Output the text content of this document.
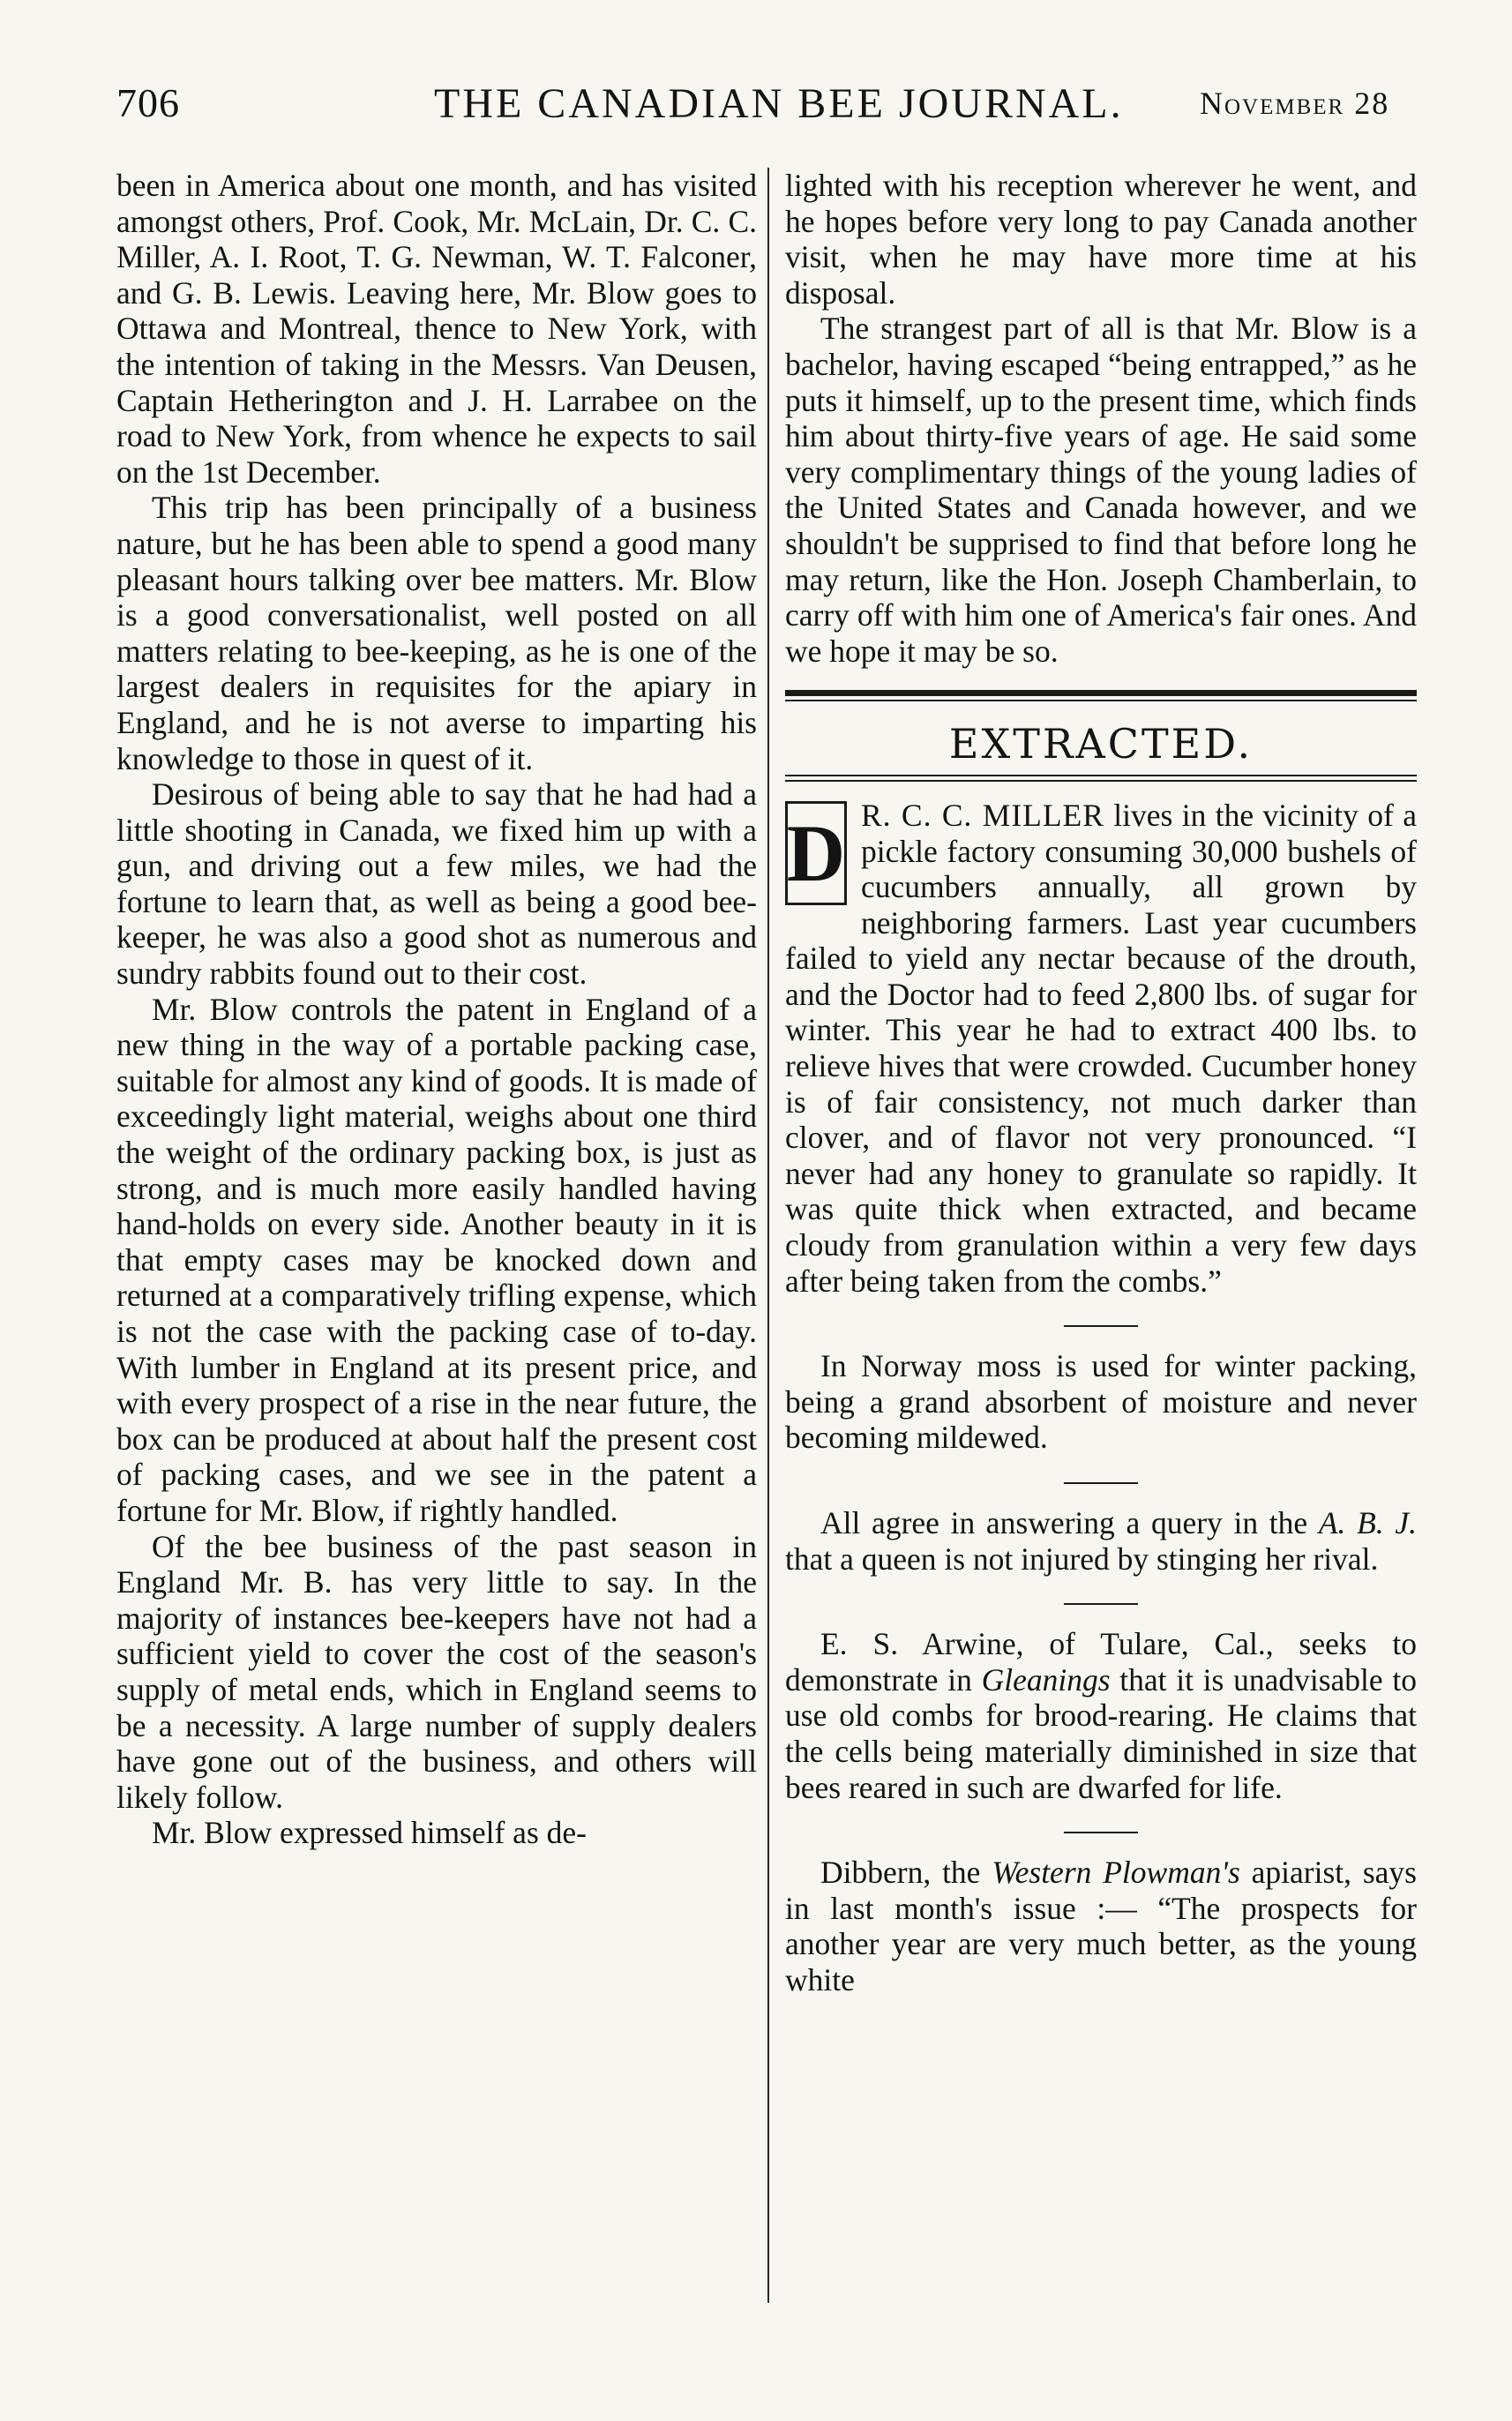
706	THE CANADIAN BEE JOURNAL. November 28

been in America about one month, and has visited amongst others, Prof. Cook, Mr. McLain, Dr. C. C. Miller, A. I. Root, T. G. Newman, W. T. Falconer, and G. B. Lewis. Leaving here, Mr. Blow goes to Ottawa and Montreal, thence to New York, with the intention of taking in the Messrs. Van Deusen, Captain Hetherington and J. H. Larrabee on the road to New York, from whence he expects to sail on the 1st December.

This trip has been principally of a business nature, but he has been able to spend a good many pleasant hours talking over bee matters. Mr. Blow is a good conversationalist, well posted on all matters relating to bee-keeping, as he is one of the largest dealers in requisites for the apiary in England, and he is not averse to imparting his knowledge to those in quest of it.

Desirous of being able to say that he had had a little shooting in Canada, we fixed him up with a gun, and driving out a few miles, we had the fortune to learn that, as well as being a good bee-keeper, he was also a good shot as numerous and sundry rabbits found out to their cost.

Mr. Blow controls the patent in England of a new thing in the way of a portable packing case, suitable for almost any kind of goods. It is made of exceedingly light material, weighs about one third the weight of the ordinary packing box, is just as strong, and is much more easily handled having hand-holds on every side. Another beauty in it is that empty cases may be knocked down and returned at a comparatively trifling expense, which is not the case with the packing case of to-day. With lumber in England at its present price, and with every prospect of a rise in the near future, the box can be produced at about half the present cost of packing cases, and we see in the patent a fortune for Mr. Blow, if rightly handled.

Of the bee business of the past season in England Mr. B. has very little to say. In the majority of instances bee-keepers have not had a sufficient yield to cover the cost of the season's supply of metal ends, which in England seems to be a necessity. A large number of supply dealers have gone out of the business, and others will likely follow.

Mr. Blow expressed himself as de-

lighted with his reception wherever he went, and he hopes before very long to pay Canada another visit, when he may have more time at his disposal.

The strangest part of all is that Mr. Blow is a bachelor, having escaped “being entrapped,” as he puts it himself, up to the present time, which finds him about thirty-five years of age. He said some very complimentary things of the young ladies of the United States and Canada however, and we shouldn't be supprised to find that before long he may return, like the Hon. Joseph Chamberlain, to carry off with him one of America's fair ones. And we hope it may be so.

EXTRACTED.

D R. C. C. MILLER lives in the vicinity of a pickle factory consuming 30,000 bushels of cucumbers annually, all grown by neighboring farmers. Last year cucumbers failed to yield any nectar because of the drouth, and the Doctor had to feed 2,800 lbs. of sugar for winter. This year he had to extract 400 lbs. to relieve hives that were crowded. Cucumber honey is of fair consistency, not much darker than clover, and of flavor not very pronounced. “I never had any honey to granulate so rapidly. It was quite thick when extracted, and became cloudy from granulation within a very few days after being taken from the combs.”

In Norway moss is used for winter packing, being a grand absorbent of moisture and never becoming mildewed.

All agree in answering a query in the A. B. J. that a queen is not injured by stinging her rival.

E. S. Arwine, of Tulare, Cal., seeks to demonstrate in Gleanings that it is unadvisable to use old combs for brood-rearing. He claims that the cells being materially diminished in size that bees reared in such are dwarfed for life.

Dibbern, the Western Plowman's apiarist, says in last month's issue :— “The prospects for another year are very much better, as the young white
